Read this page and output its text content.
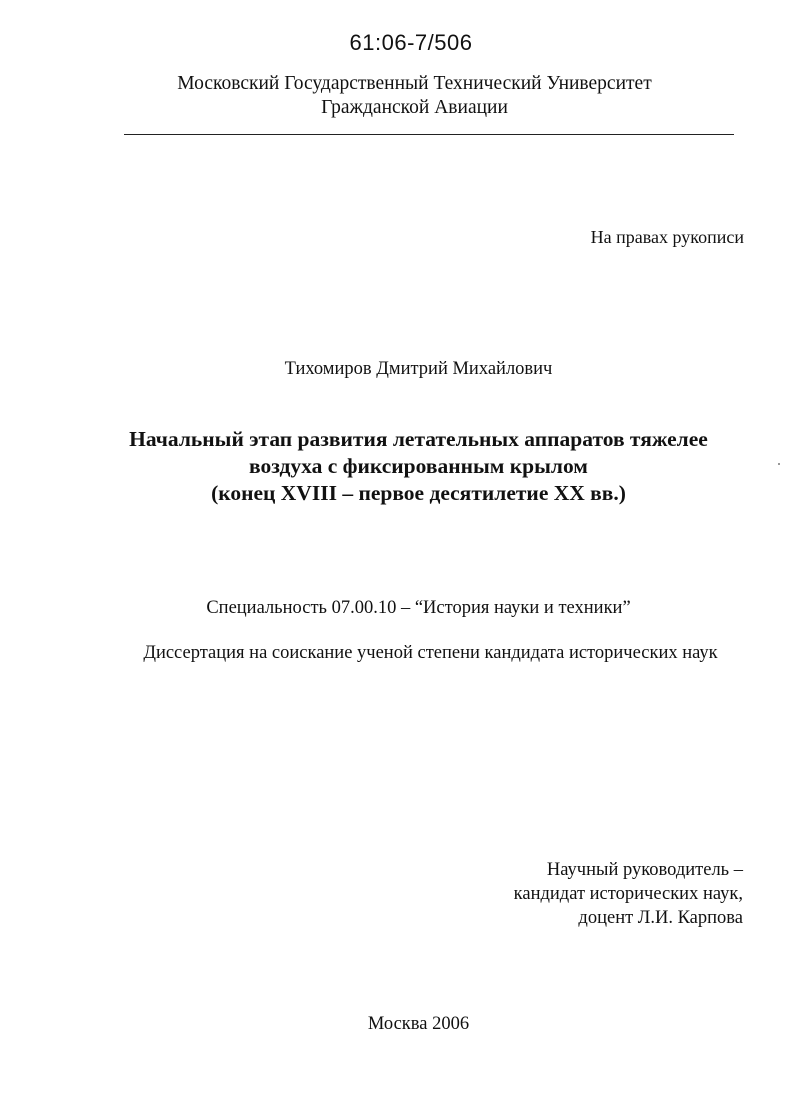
61:06-7/506
Московский Государственный Технический Университет
Гражданской Авиации
На правах рукописи
Тихомиров Дмитрий Михайлович
Начальный этап развития летательных аппаратов тяжелее
воздуха с фиксированным крылом
(конец XVIII – первое десятилетие XX вв.)
Специальность 07.00.10 – “История науки и техники”
Диссертация на соискание ученой степени кандидата исторических наук
Научный руководитель –
кандидат исторических наук,
доцент Л.И. Карпова
Москва 2006
